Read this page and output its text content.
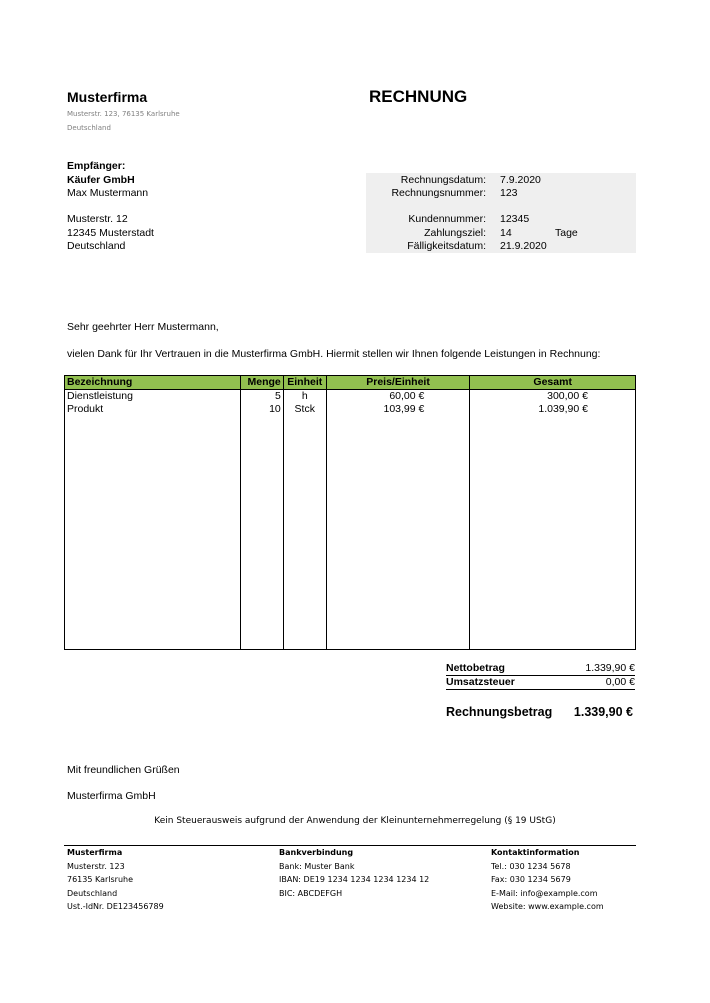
Musterfirma	RECHNUNG
Musterstr. 123, 76135 Karlsruhe
Deutschland
Empfänger:
Käufer GmbH
Max Mustermann
Musterstr. 12
12345 Musterstadt
Deutschland
Rechnungsdatum: 7.9.2020
Rechnungsnummer: 123
Kundennummer: 12345
Zahlungsziel: 14	Tage
Fälligkeitsdatum: 21.9.2020
Sehr geehrter Herr Mustermann,
vielen Dank für Ihr Vertrauen in die Musterfirma GmbH. Hiermit stellen wir Ihnen folgende Leistungen in Rechnung:
Bezeichnung	Menge	Einheit	Preis/Einheit	Gesamt
Dienstleistung	5	h	60,00 €	300,00 €
Produkt	10	Stck	103,99 €	1.039,90 €

Nettobetrag	1.339,90 €
Umsatzsteuer	0,00 €
Rechnungsbetrag 1.339,90 €
Mit freundlichen Grüßen
Musterfirma GmbH
Kein Steuerausweis aufgrund der Anwendung der Kleinunternehmerregelung (§ 19 UStG)
Musterfirma
Musterstr. 123
76135 Karlsruhe
Deutschland
Ust.-IdNr. DE123456789
Bankverbindung
Bank: Muster Bank
IBAN: DE19 1234 1234 1234 1234 12
BIC: ABCDEFGH
Kontaktinformation
Tel.: 030 1234 5678
Fax: 030 1234 5679
E-Mail: info@example.com
Website: www.example.com
